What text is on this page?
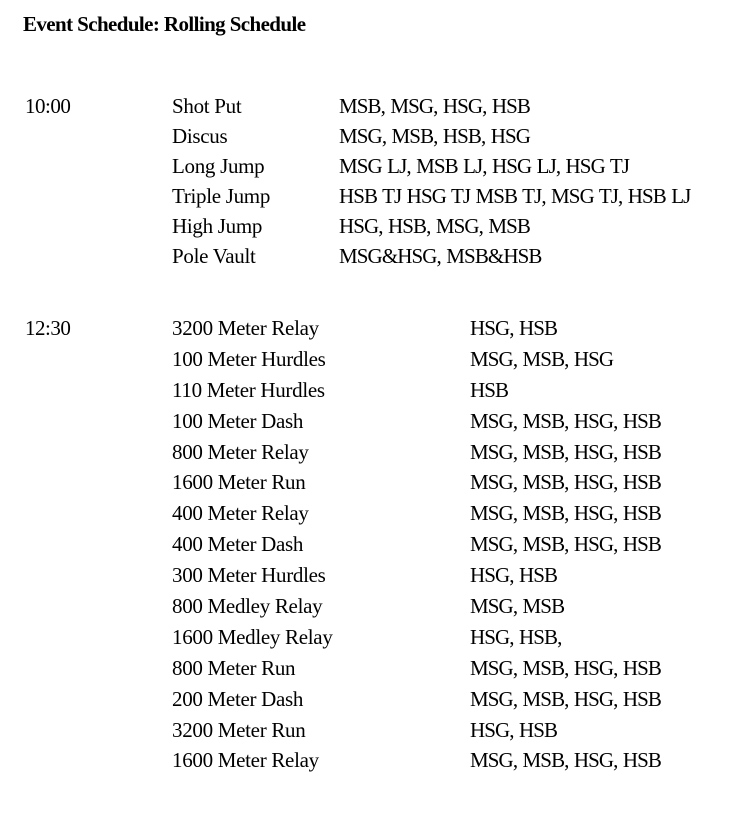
Event Schedule: Rolling Schedule
10:00	Shot Put	MSB, MSG, HSG, HSB
Discus	MSG, MSB, HSB, HSG
Long Jump	MSG LJ, MSB LJ, HSG LJ, HSG TJ
Triple Jump	HSB TJ HSG TJ MSB TJ, MSG TJ, HSB LJ
High Jump	HSG, HSB, MSG, MSB
Pole Vault	MSG&HSG, MSB&HSB
12:30	3200 Meter Relay	HSG, HSB
100 Meter Hurdles	MSG, MSB, HSG
110 Meter Hurdles	HSB
100 Meter Dash	MSG, MSB, HSG, HSB
800 Meter Relay	MSG, MSB, HSG, HSB
1600 Meter Run	MSG, MSB, HSG, HSB
400 Meter Relay	MSG, MSB, HSG, HSB
400 Meter Dash	MSG, MSB, HSG, HSB
300 Meter Hurdles	HSG, HSB
800 Medley Relay	MSG, MSB
1600 Medley Relay	HSG, HSB,
800 Meter Run	MSG, MSB, HSG, HSB
200 Meter Dash	MSG, MSB, HSG, HSB
3200 Meter Run	HSG, HSB
1600 Meter Relay	MSG, MSB, HSG, HSB
